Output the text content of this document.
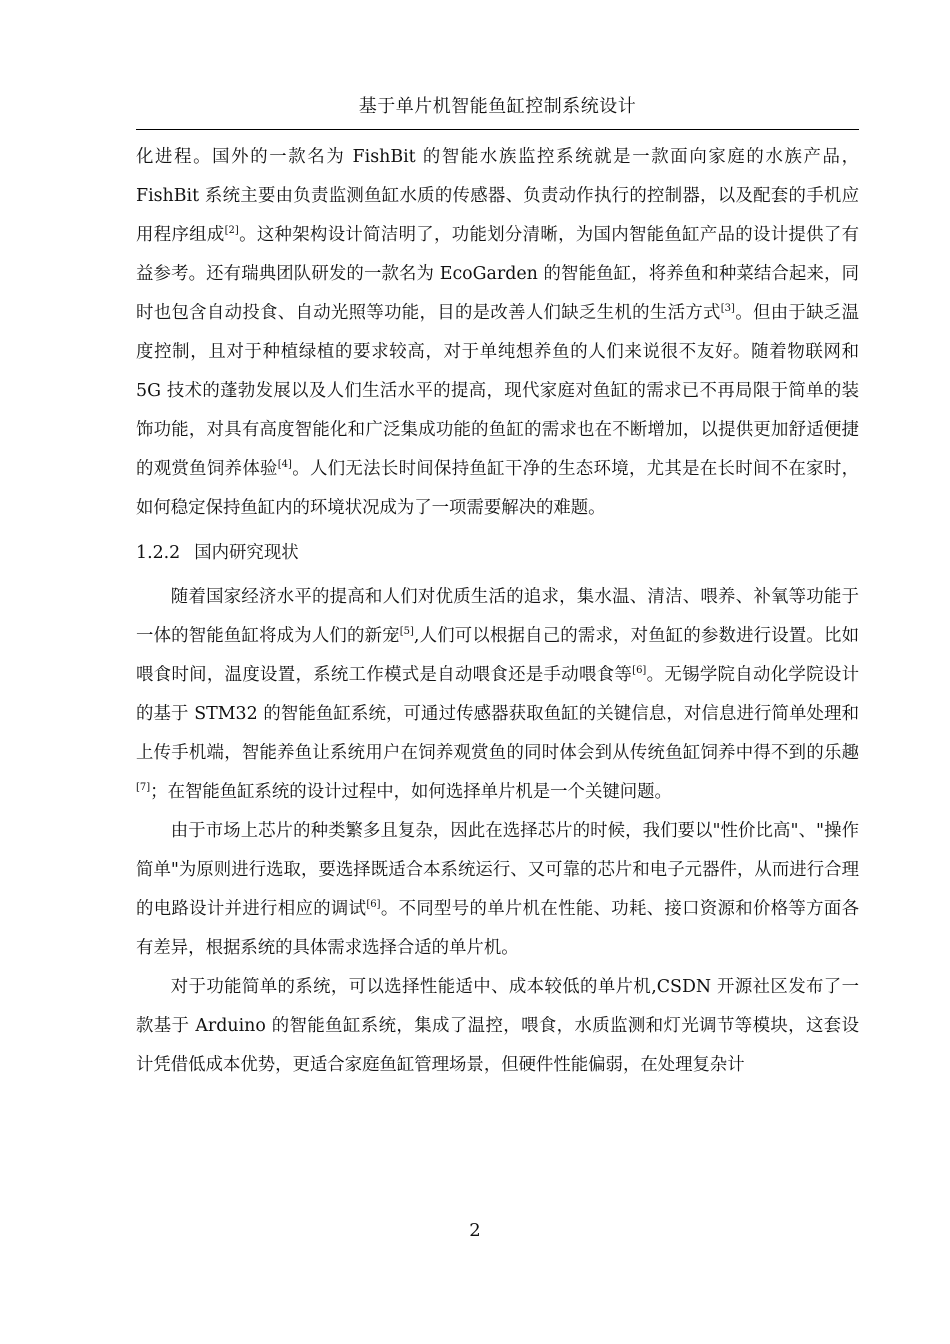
基于单片机智能鱼缸控制系统设计

化进程。国外的一款名为 FishBit 的智能水族监控系统就是一款面向家庭的水族产品，FishBit 系统主要由负责监测鱼缸水质的传感器、负责动作执行的控制器，以及配套的手机应用程序组成[2]。这种架构设计简洁明了，功能划分清晰，为国内智能鱼缸产品的设计提供了有益参考。还有瑞典团队研发的一款名为 EcoGarden 的智能鱼缸，将养鱼和种菜结合起来，同时也包含自动投食、自动光照等功能，目的是改善人们缺乏生机的生活方式[3]。但由于缺乏温度控制，且对于种植绿植的要求较高，对于单纯想养鱼的人们来说很不友好。随着物联网和 5G 技术的蓬勃发展以及人们生活水平的提高，现代家庭对鱼缸的需求已不再局限于简单的装饰功能，对具有高度智能化和广泛集成功能的鱼缸的需求也在不断增加，以提供更加舒适便捷的观赏鱼饲养体验[4]。人们无法长时间保持鱼缸干净的生态环境，尤其是在长时间不在家时，如何稳定保持鱼缸内的环境状况成为了一项需要解决的难题。

1.2.2 国内研究现状

随着国家经济水平的提高和人们对优质生活的追求，集水温、清洁、喂养、补氧等功能于一体的智能鱼缸将成为人们的新宠[5],人们可以根据自己的需求，对鱼缸的参数进行设置。比如喂食时间，温度设置，系统工作模式是自动喂食还是手动喂食等[6]。无锡学院自动化学院设计的基于 STM32 的智能鱼缸系统，可通过传感器获取鱼缸的关键信息，对信息进行简单处理和上传手机端，智能养鱼让系统用户在饲养观赏鱼的同时体会到从传统鱼缸饲养中得不到的乐趣[7]；在智能鱼缸系统的设计过程中，如何选择单片机是一个关键问题。

由于市场上芯片的种类繁多且复杂，因此在选择芯片的时候，我们要以"性价比高"、"操作简单"为原则进行选取，要选择既适合本系统运行、又可靠的芯片和电子元器件，从而进行合理的电路设计并进行相应的调试[6]。不同型号的单片机在性能、功耗、接口资源和价格等方面各有差异，根据系统的具体需求选择合适的单片机。

对于功能简单的系统，可以选择性能适中、成本较低的单片机,CSDN 开源社区发布了一款基于 Arduino 的智能鱼缸系统，集成了温控，喂食，水质监测和灯光调节等模块，这套设计凭借低成本优势，更适合家庭鱼缸管理场景，但硬件性能偏弱，在处理复杂计

2
